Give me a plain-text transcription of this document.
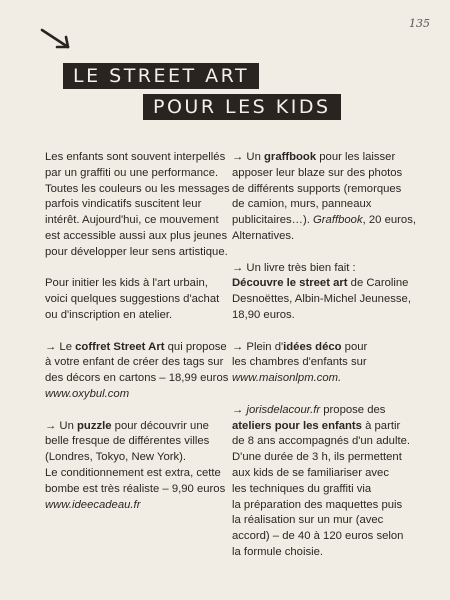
135
LE STREET ART
POUR LES KIDS
Les enfants sont souvent interpellés
par un graffiti ou une performance.
Toutes les couleurs ou les messages
parfois vindicatifs suscitent leur
intérêt. Aujourd'hui, ce mouvement
est accessible aussi aux plus jeunes
pour développer leur sens artistique.
Pour initier les kids à l'art urbain,
voici quelques suggestions d'achat
ou d'inscription en atelier.
→ Le coffret Street Art qui propose
à votre enfant de créer des tags sur
des décors en cartons – 18,99 euros
www.oxybul.com
→ Un puzzle pour découvrir une
belle fresque de différentes villes
(Londres, Tokyo, New York).
Le conditionnement est extra, cette
bombe est très réaliste – 9,90 euros
www.ideecadeau.fr
→ Un graffbook pour les laisser
apposer leur blaze sur des photos
de différents supports (remorques
de camion, murs, panneaux
publicitaires…). Graffbook, 20 euros,
Alternatives.
→ Un livre très bien fait :
Découvre le street art de Caroline
Desnoëttes, Albin-Michel Jeunesse,
18,90 euros.
→ Plein d'idées déco pour
les chambres d'enfants sur
www.maisonlpm.com.
→ jorisdelacour.fr propose des
ateliers pour les enfants à partir
de 8 ans accompagnés d'un adulte.
D'une durée de 3 h, ils permettent
aux kids de se familiariser avec
les techniques du graffiti via
la préparation des maquettes puis
la réalisation sur un mur (avec
accord) – de 40 à 120 euros selon
la formule choisie.
